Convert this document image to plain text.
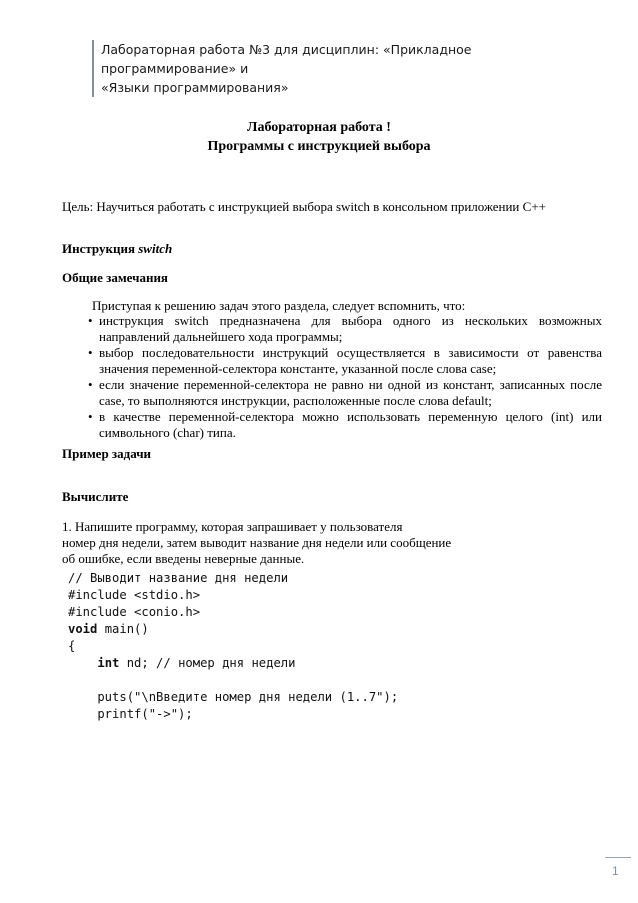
Лабораторная работа №3 для дисциплин: «Прикладное программирование» и
«Языки программирования»
Лабораторная работа !
Программы с инструкцией выбора
Цель: Научиться работать с инструкцией выбора switch в консольном приложении C++
Инструкция switch
Общие замечания
Приступая к решению задач этого раздела, следует вспомнить, что:
• инструкция switch предназначена для выбора одного из нескольких возможных направлений дальнейшего хода программы;
• выбор последовательности инструкций осуществляется в зависимости от равенства значения переменной-селектора константе, указанной после слова case;
• если значение переменной-селектора не равно ни одной из констант, записанных после case, то выполняются инструкции, расположенные после слова default;
• в качестве переменной-селектора можно использовать переменную целого (int) или символьного (char) типа.
Пример задачи
Вычислите
1. Напишите программу, которая запрашивает у пользователя
номер дня недели, затем выводит название дня недели или сообщение
об ошибке, если введены неверные данные.
// Выводит название дня недели
#include <stdio.h>
#include <conio.h>
void main()
{
int nd; // номер дня недели
puts("\nВведите номер дня недели (1..7");
printf("->");
1
